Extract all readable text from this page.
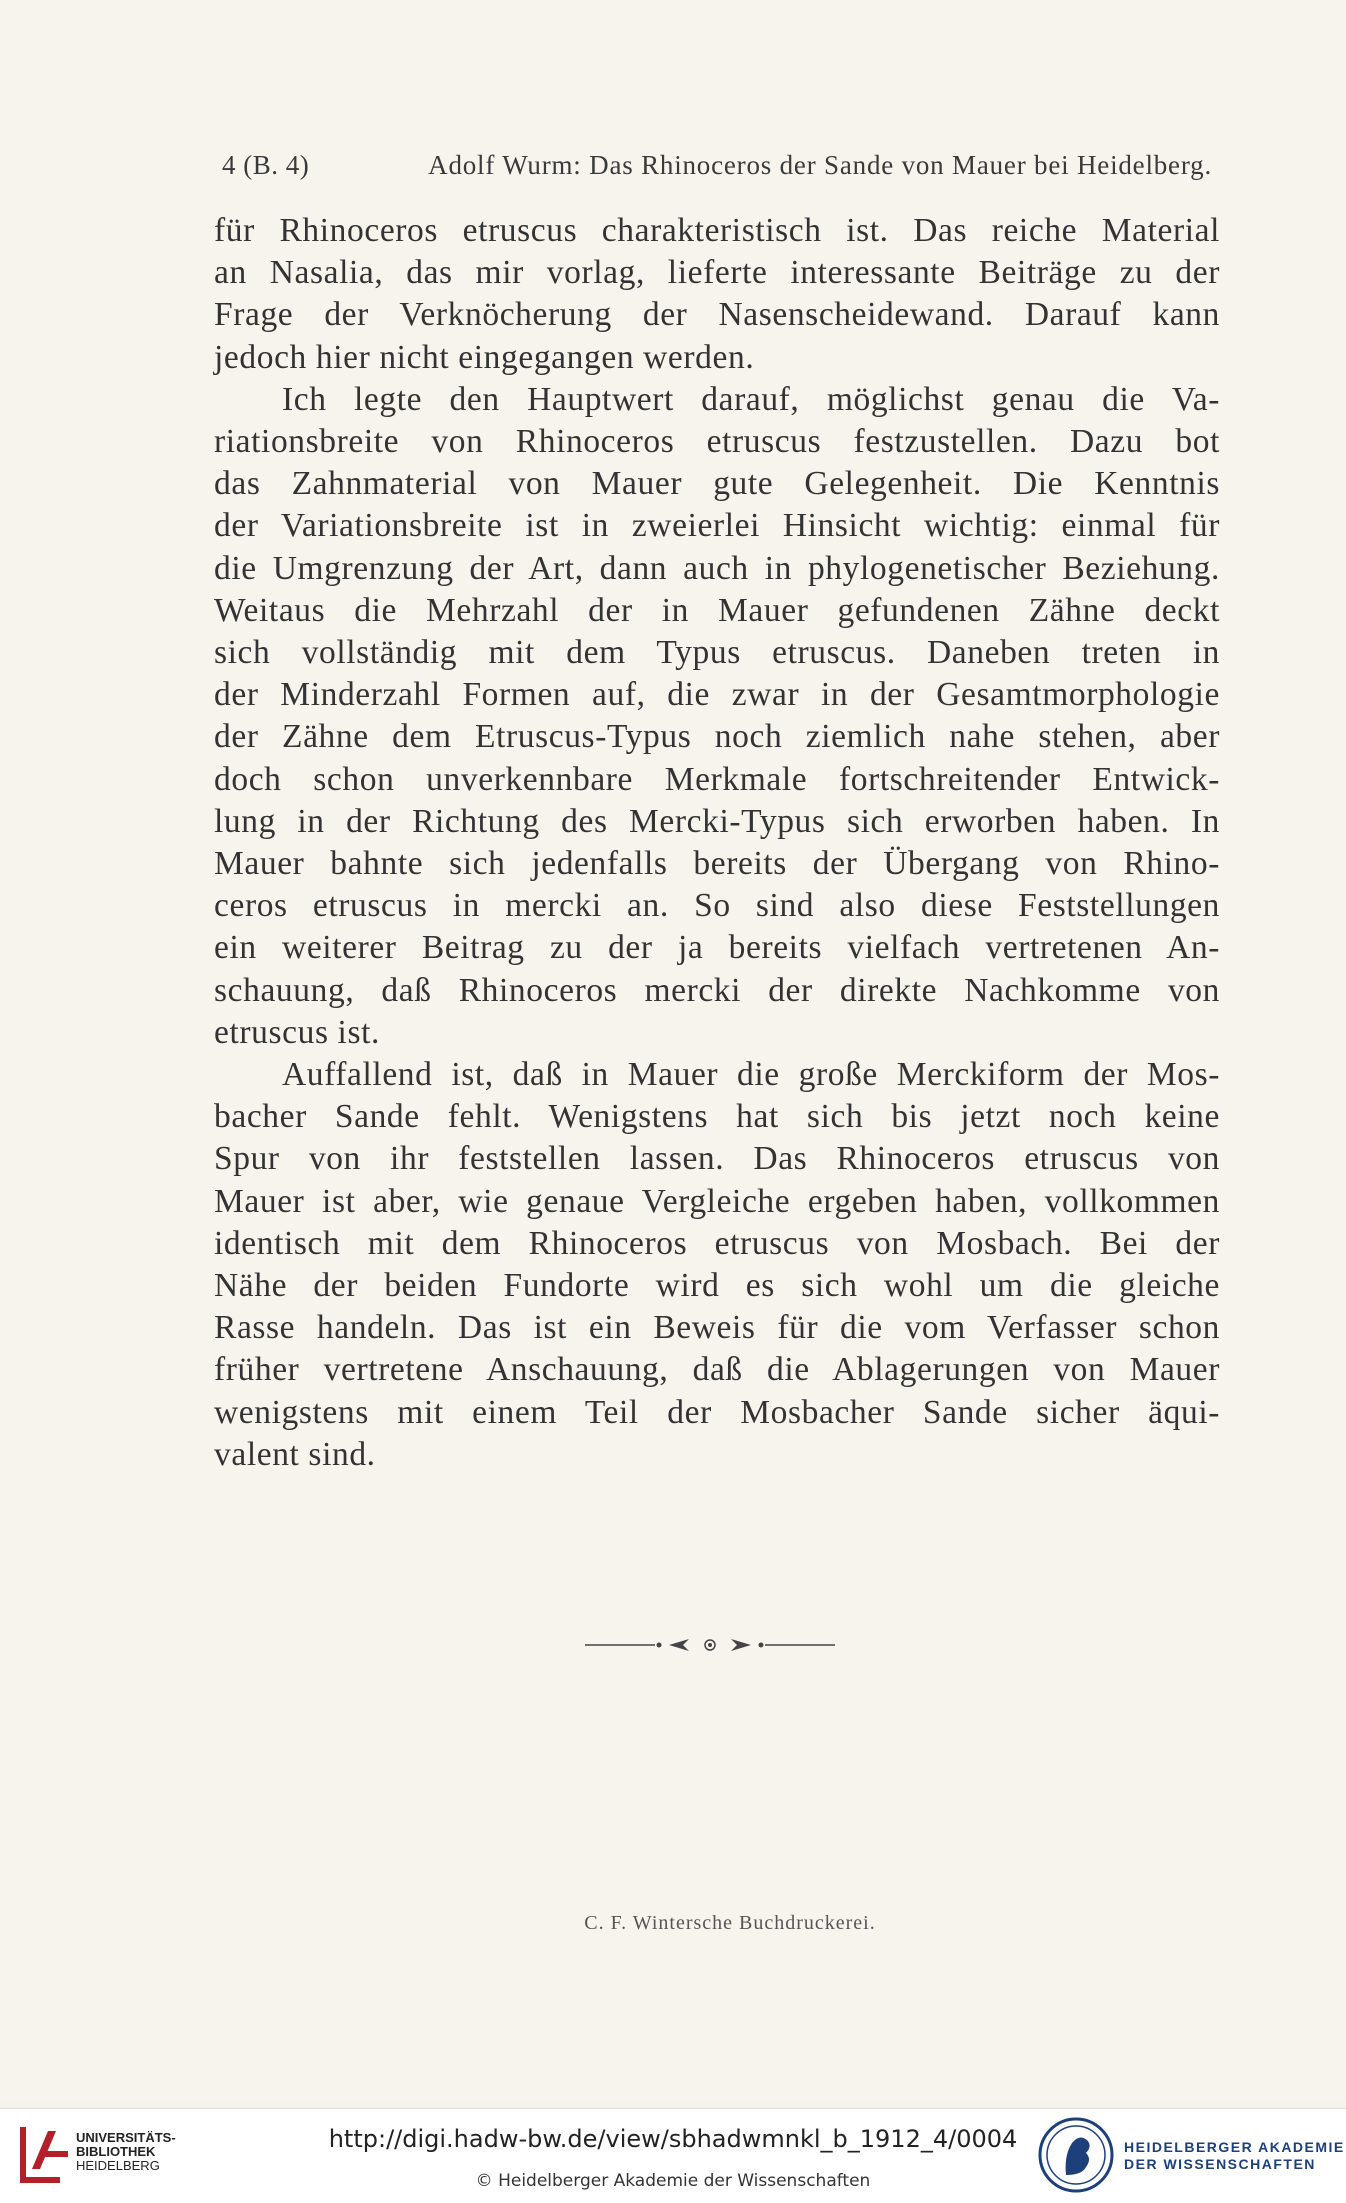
4 (B. 4)	Adolf Wurm: Das Rhinoceros der Sande von Mauer bei Heidelberg.
für Rhinoceros etruscus charakteristisch ist. Das reiche Material
an Nasalia, das mir vorlag, lieferte interessante Beiträge zu der
Frage der Verknöcherung der Nasenscheidewand. Darauf kann
jedoch hier nicht eingegangen werden.
Ich legte den Hauptwert darauf, möglichst genau die Va-
riationsbreite von Rhinoceros etruscus festzustellen. Dazu bot
das Zahnmaterial von Mauer gute Gelegenheit. Die Kenntnis
der Variationsbreite ist in zweierlei Hinsicht wichtig: einmal für
die Umgrenzung der Art, dann auch in phylogenetischer Beziehung.
Weitaus die Mehrzahl der in Mauer gefundenen Zähne deckt
sich vollständig mit dem Typus etruscus. Daneben treten in
der Minderzahl Formen auf, die zwar in der Gesamtmorphologie
der Zähne dem Etruscus-Typus noch ziemlich nahe stehen, aber
doch schon unverkennbare Merkmale fortschreitender Entwick-
lung in der Richtung des Mercki-Typus sich erworben haben. In
Mauer bahnte sich jedenfalls bereits der Übergang von Rhino-
ceros etruscus in mercki an. So sind also diese Feststellungen
ein weiterer Beitrag zu der ja bereits vielfach vertretenen An-
schauung, daß Rhinoceros mercki der direkte Nachkomme von
etruscus ist.
Auffallend ist, daß in Mauer die große Merckiform der Mos-
bacher Sande fehlt. Wenigstens hat sich bis jetzt noch keine
Spur von ihr feststellen lassen. Das Rhinoceros etruscus von
Mauer ist aber, wie genaue Vergleiche ergeben haben, vollkommen
identisch mit dem Rhinoceros etruscus von Mosbach. Bei der
Nähe der beiden Fundorte wird es sich wohl um die gleiche
Rasse handeln. Das ist ein Beweis für die vom Verfasser schon
früher vertretene Anschauung, daß die Ablagerungen von Mauer
wenigstens mit einem Teil der Mosbacher Sande sicher äqui-
valent sind.
C. F. Wintersche Buchdruckerei.
UNIVERSITÄTS-
BIBLIOTHEK
HEIDELBERG
http://digi.hadw-bw.de/view/sbhadwmnkl_b_1912_4/0004
© Heidelberger Akademie der Wissenschaften
HEIDELBERGER AKADEMIE
DER WISSENSCHAFTEN
